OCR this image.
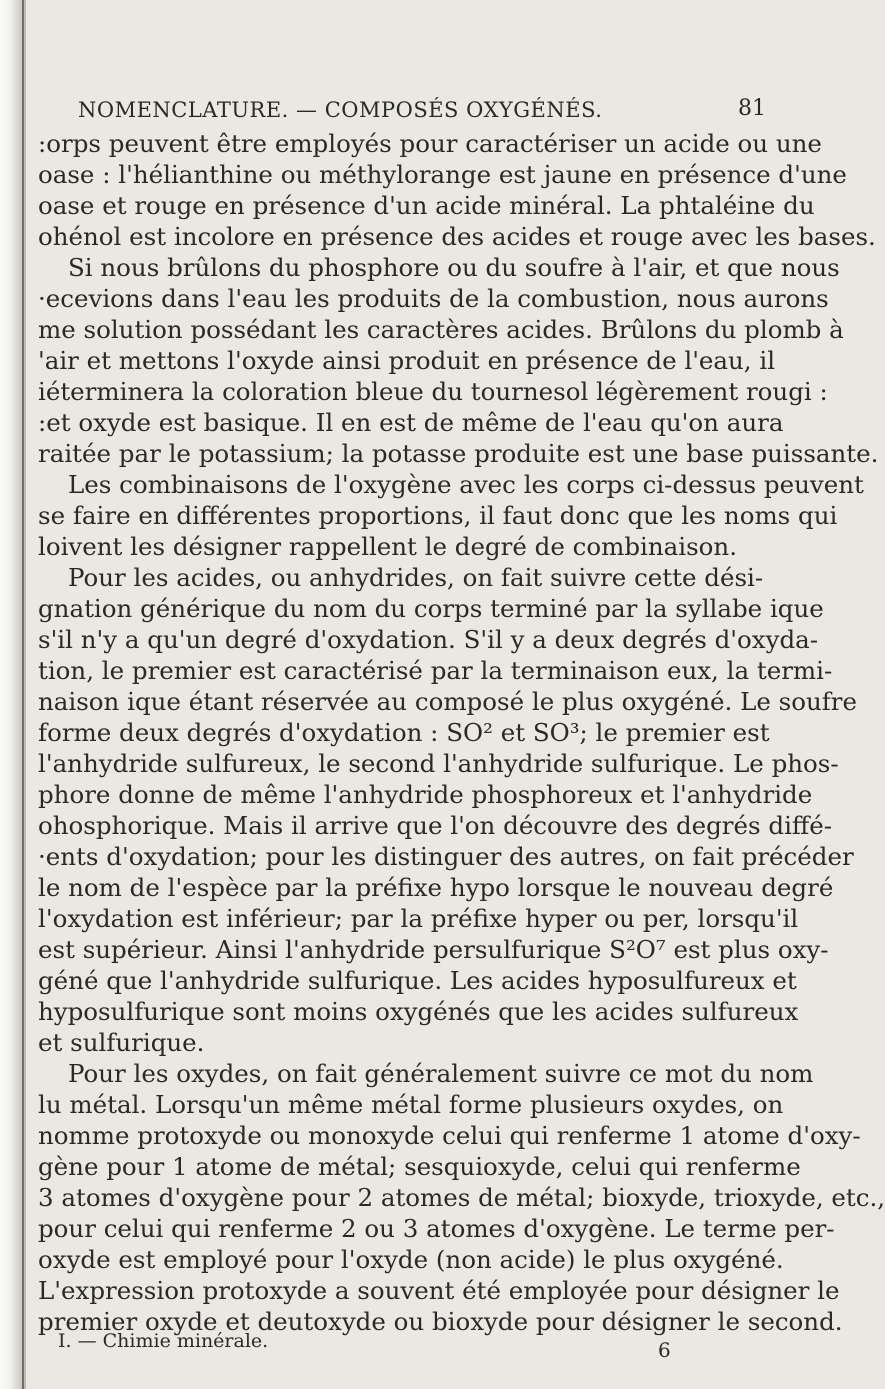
NOMENCLATURE. — COMPOSÉS OXYGÉNÉS.	81
:orps peuvent être employés pour caractériser un acide ou une
oase : l'hélianthine ou méthylorange est jaune en présence d'une
oase et rouge en présence d'un acide minéral. La phtaléine du
ohénol est incolore en présence des acides et rouge avec les bases.
Si nous brûlons du phosphore ou du soufre à l'air, et que nous
·ecevions dans l'eau les produits de la combustion, nous aurons
me solution possédant les caractères acides. Brûlons du plomb à
'air et mettons l'oxyde ainsi produit en présence de l'eau, il
iéterminera la coloration bleue du tournesol légèrement rougi :
:et oxyde est basique. Il en est de même de l'eau qu'on aura
raitée par le potassium; la potasse produite est une base puissante.
Les combinaisons de l'oxygène avec les corps ci-dessus peuvent
se faire en différentes proportions, il faut donc que les noms qui
loivent les désigner rappellent le degré de combinaison.
Pour les acides, ou anhydrides, on fait suivre cette dési-
gnation générique du nom du corps terminé par la syllabe ique
s'il n'y a qu'un degré d'oxydation. S'il y a deux degrés d'oxyda-
tion, le premier est caractérisé par la terminaison eux, la termi-
naison ique étant réservée au composé le plus oxygéné. Le soufre
forme deux degrés d'oxydation : SO² et SO³; le premier est
l'anhydride sulfureux, le second l'anhydride sulfurique. Le phos-
phore donne de même l'anhydride phosphoreux et l'anhydride
ohosphorique. Mais il arrive que l'on découvre des degrés diffé-
·ents d'oxydation; pour les distinguer des autres, on fait précéder
le nom de l'espèce par la préfixe hypo lorsque le nouveau degré
l'oxydation est inférieur; par la préfixe hyper ou per, lorsqu'il
est supérieur. Ainsi l'anhydride persulfurique S²O⁷ est plus oxy-
géné que l'anhydride sulfurique. Les acides hyposulfureux et
hyposulfurique sont moins oxygénés que les acides sulfureux
et sulfurique.
Pour les oxydes, on fait généralement suivre ce mot du nom
lu métal. Lorsqu'un même métal forme plusieurs oxydes, on
nomme protoxyde ou monoxyde celui qui renferme 1 atome d'oxy-
gène pour 1 atome de métal; sesquioxyde, celui qui renferme
3 atomes d'oxygène pour 2 atomes de métal; bioxyde, trioxyde, etc.,
pour celui qui renferme 2 ou 3 atomes d'oxygène. Le terme per-
oxyde est employé pour l'oxyde (non acide) le plus oxygéné.
L'expression protoxyde a souvent été employée pour désigner le
premier oxyde et deutoxyde ou bioxyde pour désigner le second.
I. — Chimie minérale.	6
